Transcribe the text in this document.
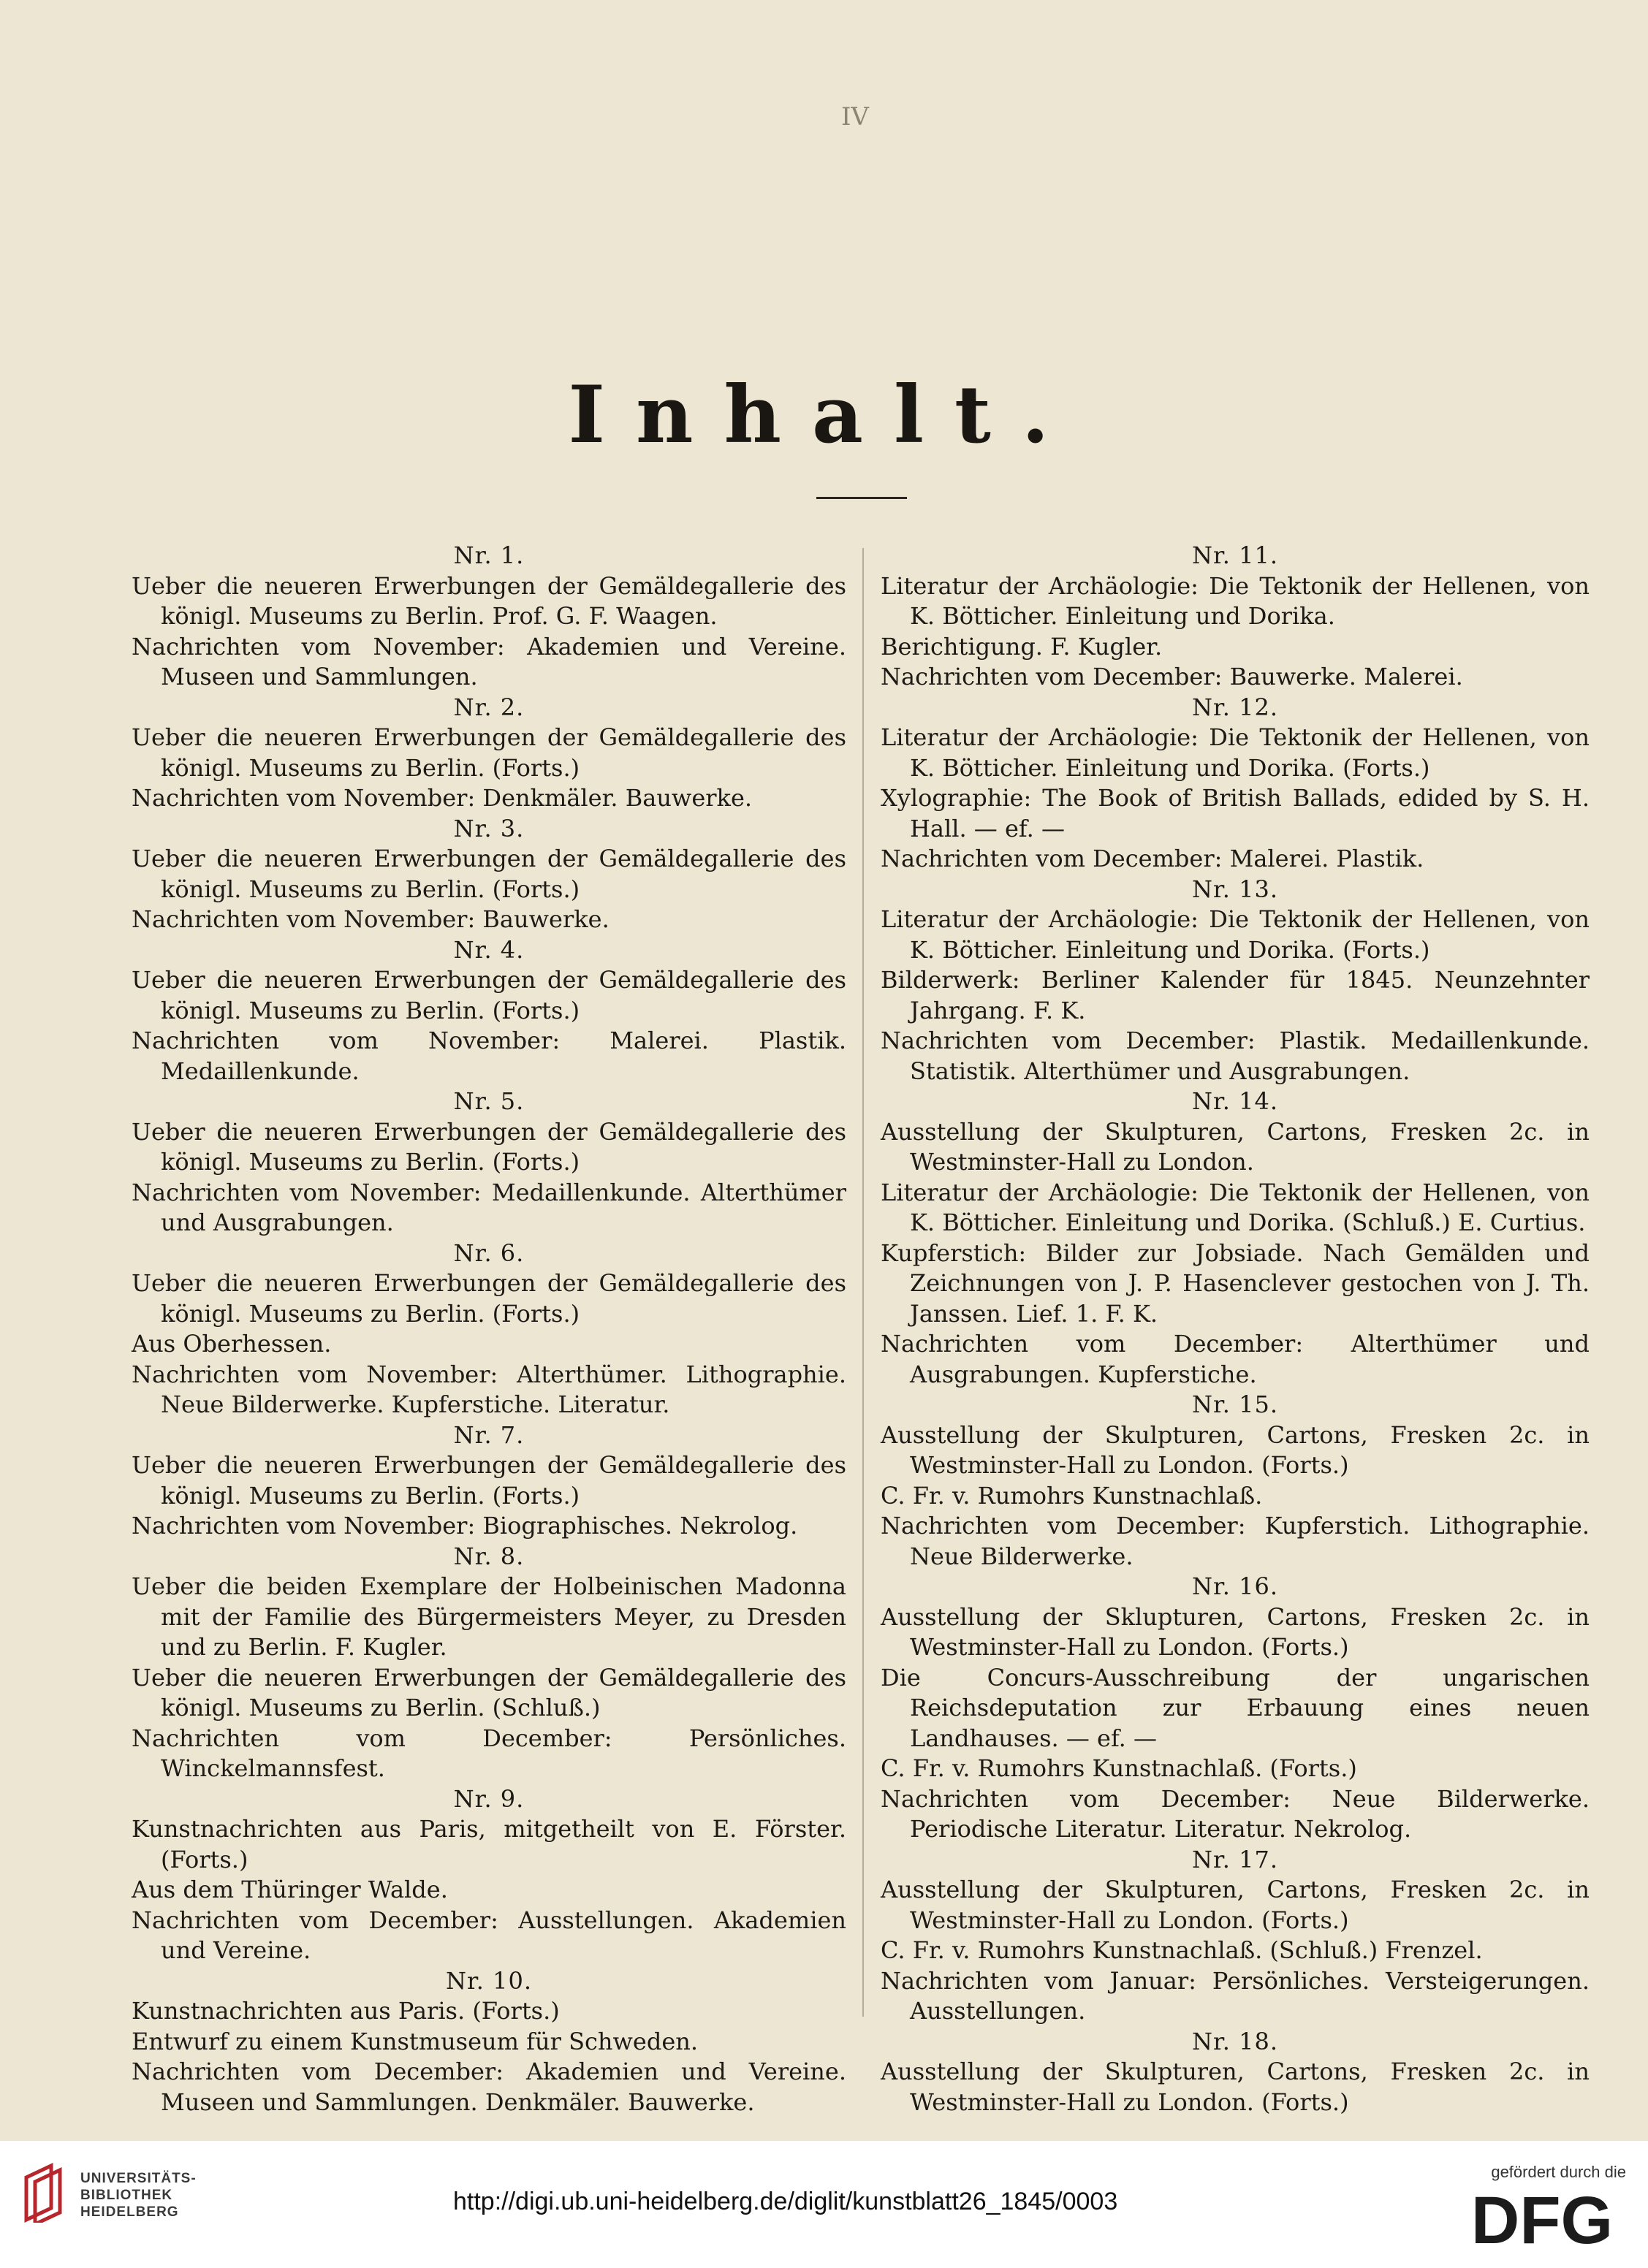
IV
Inhalt.
Nr. 1.
Ueber die neueren Erwerbungen der Gemäldegallerie des königl. Museums zu Berlin. Prof. G. F. Waagen.
Nachrichten vom November: Akademien und Vereine. Museen und Sammlungen.
Nr. 2.
Ueber die neueren Erwerbungen der Gemäldegallerie des königl. Museums zu Berlin. (Forts.)
Nachrichten vom November: Denkmäler. Bauwerke.
Nr. 3.
Ueber die neueren Erwerbungen der Gemäldegallerie des königl. Museums zu Berlin. (Forts.)
Nachrichten vom November: Bauwerke.
Nr. 4.
Ueber die neueren Erwerbungen der Gemäldegallerie des königl. Museums zu Berlin. (Forts.)
Nachrichten vom November: Malerei. Plastik. Medaillenkunde.
Nr. 5.
Ueber die neueren Erwerbungen der Gemäldegallerie des königl. Museums zu Berlin. (Forts.)
Nachrichten vom November: Medaillenkunde. Alterthümer und Ausgrabungen.
Nr. 6.
Ueber die neueren Erwerbungen der Gemäldegallerie des königl. Museums zu Berlin. (Forts.)
Aus Oberhessen.
Nachrichten vom November: Alterthümer. Lithographie. Neue Bilderwerke. Kupferstiche. Literatur.
Nr. 7.
Ueber die neueren Erwerbungen der Gemäldegallerie des königl. Museums zu Berlin. (Forts.)
Nachrichten vom November: Biographisches. Nekrolog.
Nr. 8.
Ueber die beiden Exemplare der Holbeinischen Madonna mit der Familie des Bürgermeisters Meyer, zu Dresden und zu Berlin. F. Kugler.
Ueber die neueren Erwerbungen der Gemäldegallerie des königl. Museums zu Berlin. (Schluß.)
Nachrichten vom December: Persönliches. Winckelmannsfest.
Nr. 9.
Kunstnachrichten aus Paris, mitgetheilt von E. Förster. (Forts.)
Aus dem Thüringer Walde.
Nachrichten vom December: Ausstellungen. Akademien und Vereine.
Nr. 10.
Kunstnachrichten aus Paris. (Forts.)
Entwurf zu einem Kunstmuseum für Schweden.
Nachrichten vom December: Akademien und Vereine. Museen und Sammlungen. Denkmäler. Bauwerke.
Nr. 11.
Literatur der Archäologie: Die Tektonik der Hellenen, von K. Bötticher. Einleitung und Dorika.
Berichtigung. F. Kugler.
Nachrichten vom December: Bauwerke. Malerei.
Nr. 12.
Literatur der Archäologie: Die Tektonik der Hellenen, von K. Bötticher. Einleitung und Dorika. (Forts.)
Xylographie: The Book of British Ballads, edided by S. H. Hall. — ef. —
Nachrichten vom December: Malerei. Plastik.
Nr. 13.
Literatur der Archäologie: Die Tektonik der Hellenen, von K. Bötticher. Einleitung und Dorika. (Forts.)
Bilderwerk: Berliner Kalender für 1845. Neunzehnter Jahrgang. F. K.
Nachrichten vom December: Plastik. Medaillenkunde. Statistik. Alterthümer und Ausgrabungen.
Nr. 14.
Ausstellung der Skulpturen, Cartons, Fresken 2c. in Westminster-Hall zu London.
Literatur der Archäologie: Die Tektonik der Hellenen, von K. Bötticher. Einleitung und Dorika. (Schluß.) E. Curtius.
Kupferstich: Bilder zur Jobsiade. Nach Gemälden und Zeichnungen von J. P. Hasenclever gestochen von J. Th. Janssen. Lief. 1. F. K.
Nachrichten vom December: Alterthümer und Ausgrabungen. Kupferstiche.
Nr. 15.
Ausstellung der Skulpturen, Cartons, Fresken 2c. in Westminster-Hall zu London. (Forts.)
C. Fr. v. Rumohrs Kunstnachlaß.
Nachrichten vom December: Kupferstich. Lithographie. Neue Bilderwerke.
Nr. 16.
Ausstellung der Sklupturen, Cartons, Fresken 2c. in Westminster-Hall zu London. (Forts.)
Die Concurs-Ausschreibung der ungarischen Reichsdeputation zur Erbauung eines neuen Landhauses. — ef. —
C. Fr. v. Rumohrs Kunstnachlaß. (Forts.)
Nachrichten vom December: Neue Bilderwerke. Periodische Literatur. Literatur. Nekrolog.
Nr. 17.
Ausstellung der Skulpturen, Cartons, Fresken 2c. in Westminster-Hall zu London. (Forts.)
C. Fr. v. Rumohrs Kunstnachlaß. (Schluß.) Frenzel.
Nachrichten vom Januar: Persönliches. Versteigerungen. Ausstellungen.
Nr. 18.
Ausstellung der Skulpturen, Cartons, Fresken 2c. in Westminster-Hall zu London. (Forts.)
UNIVERSITÄTS-
BIBLIOTHEK
HEIDELBERG	http://digi.ub.uni-heidelberg.de/diglit/kunstblatt26_1845/0003
gefördert durch die
DFG
